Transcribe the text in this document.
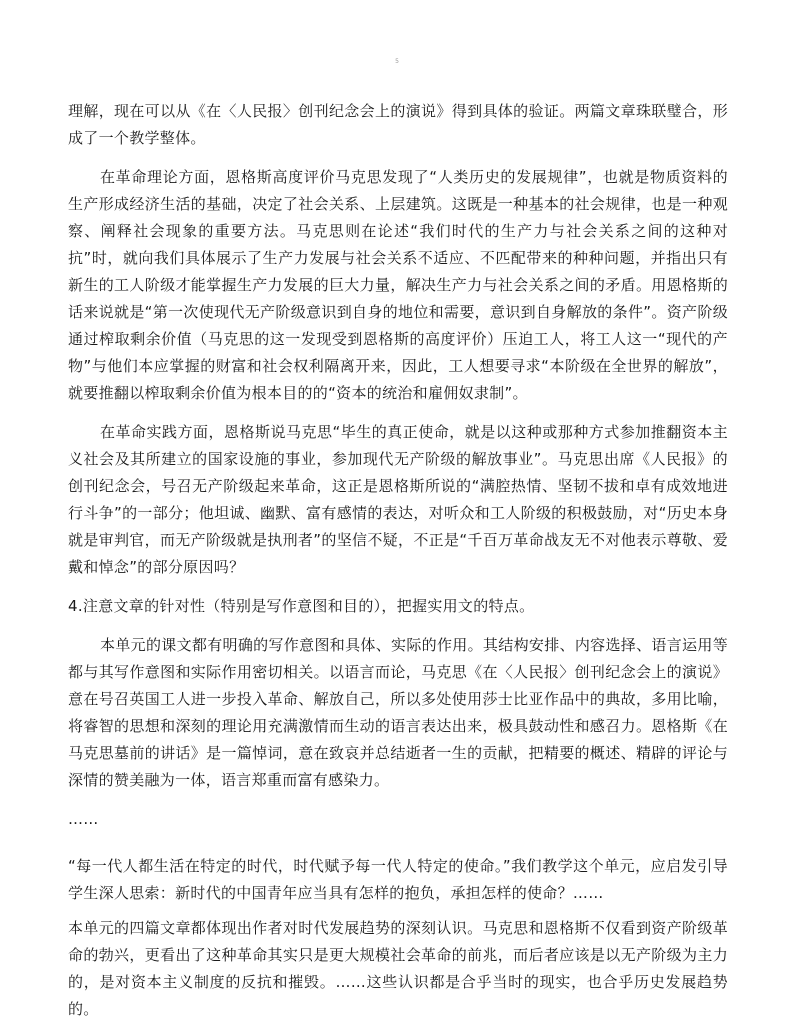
5

理解，现在可以从《在〈人民报〉创刊纪念会上的演说》得到具体的验证。两篇文章珠联璧合，形成了一个教学整体。

在革命理论方面，恩格斯高度评价马克思发现了“人类历史的发展规律”，也就是物质资料的生产形成经济生活的基础，决定了社会关系、上层建筑。这既是一种基本的社会规律，也是一种观察、阐释社会现象的重要方法。马克思则在论述“我们时代的生产力与社会关系之间的这种对抗”时，就向我们具体展示了生产力发展与社会关系不适应、不匹配带来的种种问题，并指出只有新生的工人阶级才能掌握生产力发展的巨大力量，解决生产力与社会关系之间的矛盾。用恩格斯的话来说就是“第一次使现代无产阶级意识到自身的地位和需要，意识到自身解放的条件”。资产阶级通过榨取剩余价值（马克思的这一发现受到恩格斯的高度评价）压迫工人，将工人这一“现代的产物”与他们本应掌握的财富和社会权利隔离开来，因此，工人想要寻求“本阶级在全世界的解放”，就要推翻以榨取剩余价值为根本目的的“资本的统治和雇佣奴隶制”。

在革命实践方面，恩格斯说马克思“毕生的真正使命，就是以这种或那种方式参加推翻资本主义社会及其所建立的国家设施的事业，参加现代无产阶级的解放事业”。马克思出席《人民报》的创刊纪念会，号召无产阶级起来革命，这正是恩格斯所说的“满腔热情、坚韧不拔和卓有成效地进行斗争”的一部分；他坦诚、幽默、富有感情的表达，对听众和工人阶级的积极鼓励，对“历史本身就是审判官，而无产阶级就是执刑者”的坚信不疑，不正是“千百万革命战友无不对他表示尊敬、爱戴和悼念”的部分原因吗？

4.注意文章的针对性（特别是写作意图和目的），把握实用文的特点。

本单元的课文都有明确的写作意图和具体、实际的作用。其结构安排、内容选择、语言运用等都与其写作意图和实际作用密切相关。以语言而论，马克思《在〈人民报〉创刊纪念会上的演说》意在号召英国工人进一步投入革命、解放自己，所以多处使用莎士比亚作品中的典故，多用比喻，将睿智的思想和深刻的理论用充满激情而生动的语言表达出来，极具鼓动性和感召力。恩格斯《在马克思墓前的讲话》是一篇悼词，意在致哀并总结逝者一生的贡献，把精要的概述、精辟的评论与深情的赞美融为一体，语言郑重而富有感染力。

……

“每一代人都生活在特定的时代，时代赋予每一代人特定的使命。”我们教学这个单元，应启发引导学生深人思索：新时代的中国青年应当具有怎样的抱负，承担怎样的使命？……

本单元的四篇文章都体现出作者对时代发展趋势的深刻认识。马克思和恩格斯不仅看到资产阶级革命的勃兴，更看出了这种革命其实只是更大规模社会革命的前兆，而后者应该是以无产阶级为主力的，是对资本主义制度的反抗和摧毁。……这些认识都是合乎当时的现实，也合乎历史发展趋势的。
